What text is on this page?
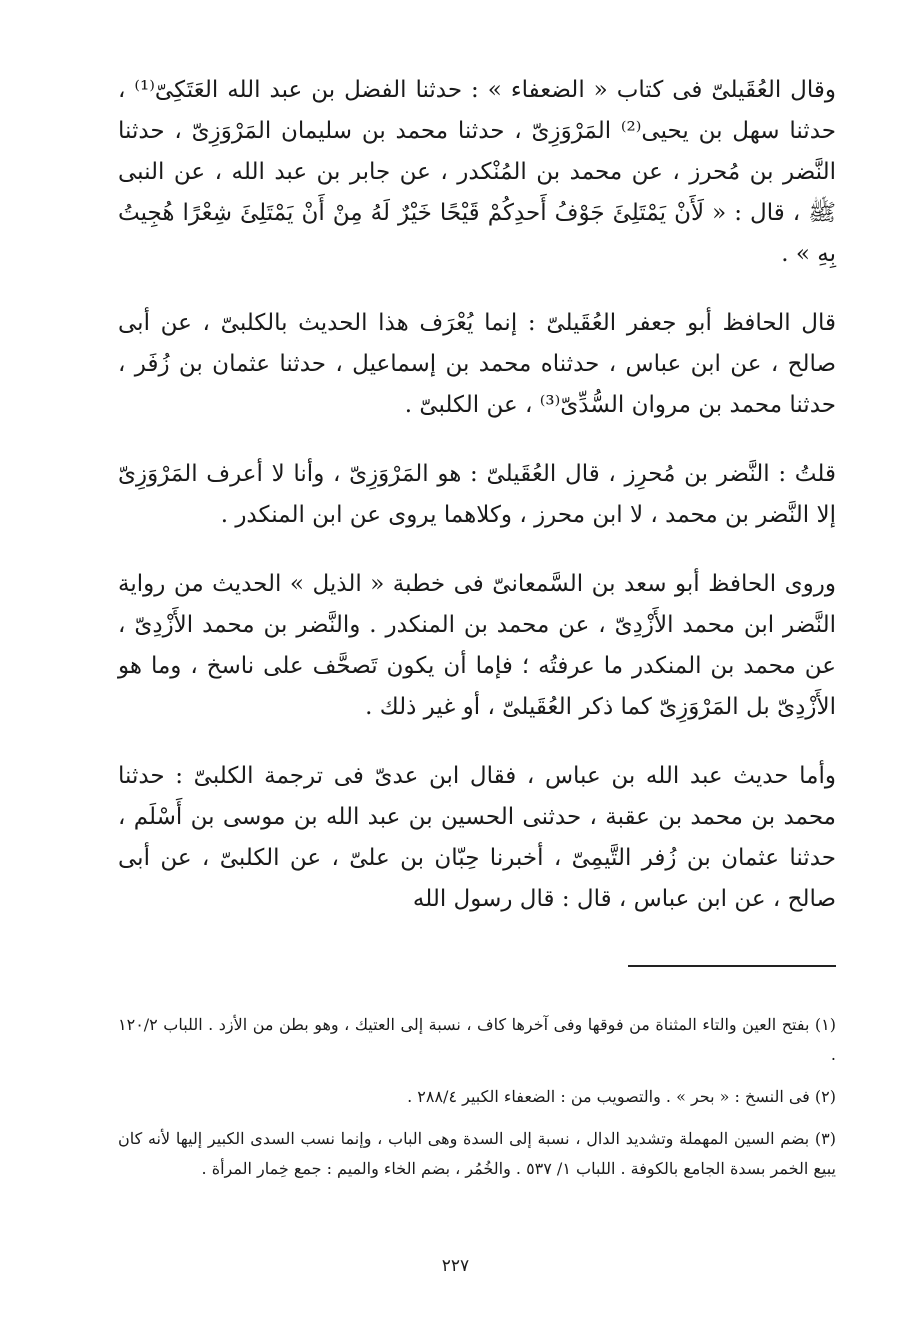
وقال العُقَيلىّ فى كتاب « الضعفاء » : حدثنا الفضل بن عبد الله العَتَكِىّ⁽¹⁾ ، حدثنا سهل بن يحيى⁽²⁾ المَرْوَزِىّ ، حدثنا محمد بن سليمان المَرْوَزِىّ ، حدثنا النَّضر بن مُحرز ، عن محمد بن المُنْكدر ، عن جابر بن عبد الله ، عن النبى ﷺ ، قال : « لَأَنْ يَمْتَلِئَ جَوْفُ أَحدِكُمْ قَيْحًا خَيْرٌ لَهُ مِنْ أَنْ يَمْتَلِئَ شِعْرًا هُجِيتُ بِهِ » .

قال الحافظ أبو جعفر العُقَيلىّ : إنما يُعْرَف هذا الحديث بالكلبىّ ، عن أبى صالح ، عن ابن عباس ، حدثناه محمد بن إسماعيل ، حدثنا عثمان بن زُفَر ، حدثنا محمد بن مروان السُّدِّىّ⁽³⁾ ، عن الكلبىّ .

قلتُ : النَّضر بن مُحرِز ، قال العُقَيلىّ : هو المَرْوَزِىّ ، وأنا لا أعرف المَرْوَزِىّ إلا النَّضر بن محمد ، لا ابن محرز ، وكلاهما يروى عن ابن المنكدر .

وروى الحافظ أبو سعد بن السَّمعانىّ فى خطبة « الذيل » الحديث من رواية النَّضر ابن محمد الأَزْدِىّ ، عن محمد بن المنكدر . والنَّضر بن محمد الأَزْدِىّ ، عن محمد بن المنكدر ما عرفتُه ؛ فإما أن يكون تَصحَّف على ناسخ ، وما هو الأَزْدِىّ بل المَرْوَزِىّ كما ذكر العُقَيلىّ ، أو غير ذلك .

وأما حديث عبد الله بن عباس ، فقال ابن عدىّ فى ترجمة الكلبىّ : حدثنا محمد بن محمد بن عقبة ، حدثنى الحسين بن عبد الله بن موسى بن أَسْلَم ، حدثنا عثمان بن زُفر التَّيمِىّ ، أخبرنا حِبّان بن علىّ ، عن الكلبىّ ، عن أبى صالح ، عن ابن عباس ، قال : قال رسول الله

(١) بفتح العين والتاء المثناة من فوقها وفى آخرها كاف ، نسبة إلى العتيك ، وهو بطن من الأزد . اللباب ١٢٠/٢ .

(٢) فى النسخ : « بحر » . والتصويب من : الضعفاء الكبير ٢٨٨/٤ .

(٣) بضم السين المهملة وتشديد الدال ، نسبة إلى السدة وهى الباب ، وإنما نسب السدى الكبير إليها لأنه كان يبيع الخمر بسدة الجامع بالكوفة . اللباب ١/ ٥٣٧ . والخُمُر ، بضم الخاء والميم : جمع خِمار المرأة .

٢٢٧
